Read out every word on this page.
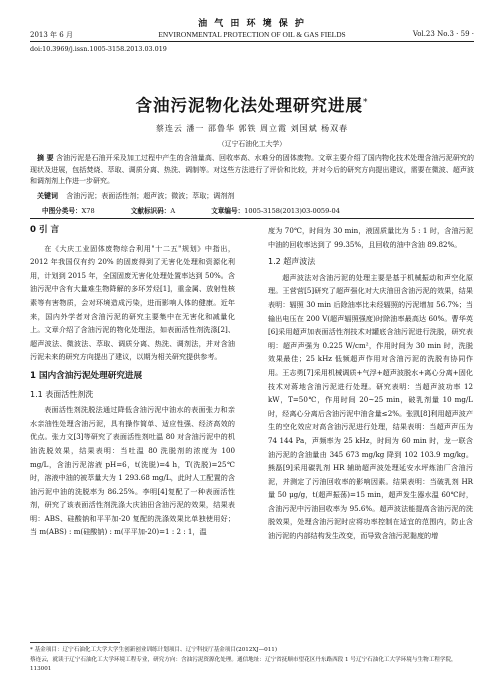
油 气 田 环 境 保 护
2013 年 6 月	ENVIRONMENTAL PROTECTION OF OIL & GAS FIELDS	Vol.23 No.3 · 59 ·
doi:10.3969/j.issn.1005-3158.2013.03.019
含油污泥物化法处理研究进展*
蔡连云 潘一 邵鲁华 郭铁 周立霞 刘国斌 杨双春
（辽宁石油化工大学）
摘 要 含油污泥是石油开采及加工过程中产生的含油量高、回收率高、水难分的固体废物。文章主要介绍了国内物化技术处理含油污泥研究的现状及进展，包括焚烧、萃取、调质分离、热洗、调制等。对这些方法进行了评价和比较，并对今后的研究方向提出建议，需要在微波、超声波和调剂剂上作进一步研究。
关键词 含油污泥；表面活性剂；超声波；微波；萃取；调剂剂
中图分类号：X78	文献标识码：A	文章编号：1005-3158(2013)03-0059-04
0 引 言

在《大庆工业固体废物综合利用"十二五"规划》中指出，2012 年我国仅有约 20% 的固废得到了无害化处理和资源化利用，计划到 2015 年，全国固废无害化处理处置率达到 50%。含油污泥中含有大量难生物降解的多环芳烃[1]，重金属、放射性核素等有害物质，会对环境造成污染，进而影响人体的健康。近年来，国内外学者对含油污泥的研究主要集中在无害化和减量化上。文章介绍了含油污泥的物化处理法，如表面活性剂洗涤[2]、超声波法、微波法、萃取、调质分离、热洗、调剂法，并对含油污泥未来的研究方向提出了建议，以期为相关研究提供参考。

1 国内含油污泥处理研究进展
1.1 表面活性剂洗

表面活性剂洗脱法通过降低含油污泥中油水的表面张力和亲水亲油性处理含油污泥，具有操作简单、适应性强、经济高效的优点。张力文[3]等研究了表面活性剂吐温 80 对含油污泥中的机油洗脱效果，结果表明：当吐温 80 洗脱剂的浓度为 100 mg/L，含油污泥溶液 pH=6，t(洗脱)=4 h，T(洗脱)=25℃时，溶液中油的被萃量大为 1 293.68 mg/L，此时人工配置的含油污泥中油的洗脱率为 86.25%。李明[4]复配了一种表面活性剂，研究了该表面活性剂洗涤大庆油田含油污泥的效果，结果表明：ABS、硅酸钠和平平加-20 复配的洗涤效果比单独使用好；当 m(ABS) : m(硅酸钠) : m(平平加-20)=1 : 2 : 1，温

度为 70℃，时间为 30 min，液固质量比为 5 : 1 时，含油污泥中油的回收率达到了 99.35%，且回收的油中含油 89.82%。

1.2 超声波法

超声波法对含油污泥的处理主要是基于机械振动和声空化原理。王营营[5]研究了超声强化对大庆油田含油污泥的效果，结果表明：辐照 30 min 后除油率比未经辐照的污泥增加 56.7%；当输出电压在 200 V(超声辐照强度)时除油率最高达 60%。曹华英[6]采用超声加表面活性剂技术对罐底含油污泥进行洗脱，研究表明：超声声强为 0.225 W/cm²，作用时间为 30 min 时，洗脱效果最佳；25 kHz 低频超声作用对含油污泥的洗脱有协同作用。王志勇[7]采用机械调质+气浮+超声波脱水+离心分离+固化技术对蒋地含油污泥进行处理。研究表明：当超声波功率 12 kW，T=50℃，作用时间 20~25 min，破乳剂量 10 mg/L 时，经离心分离后含油污泥中油含量≤2%。张凯[8]利用超声波产生的空化效应对高含油污泥进行处理，结果表明：当超声声压为 74 144 Pa，声频率为 25 kHz，时间为 60 min 时，龙一联含油污泥的含油量由 345 673 mg/kg 降到 102 103.9 mg/kg。熊磊[9]采用碳乳剂 HR 辅助超声波处理延安水坪炼油厂含油污泥，并测定了污油回收率的影响因素。结果表明：当破乳剂 HR 量 50 μg/g，t(超声振荡)=15 min，超声发生器水温 60℃时，含油污泥中污油回收率为 95.6%。超声波法能提高含油污泥的洗脱效果，处理含油污泥时应将功率控制在适宜的范围内，防止含油污泥的内部结构发生改变，而导致含油污泥黏度的增

* 基金项目：辽宁石油化工大学大学生创新创业训练计划项目、辽宁科技厅基金项目(2012XJ—011)
蔡连云，就读于辽宁石油化工大学环境工程专业，研究方向：含油污泥资源化处理。通信地址：辽宁省抚顺市望花区丹东路西段 1 号辽宁石油化工大学环境与生物工程学院，113001
